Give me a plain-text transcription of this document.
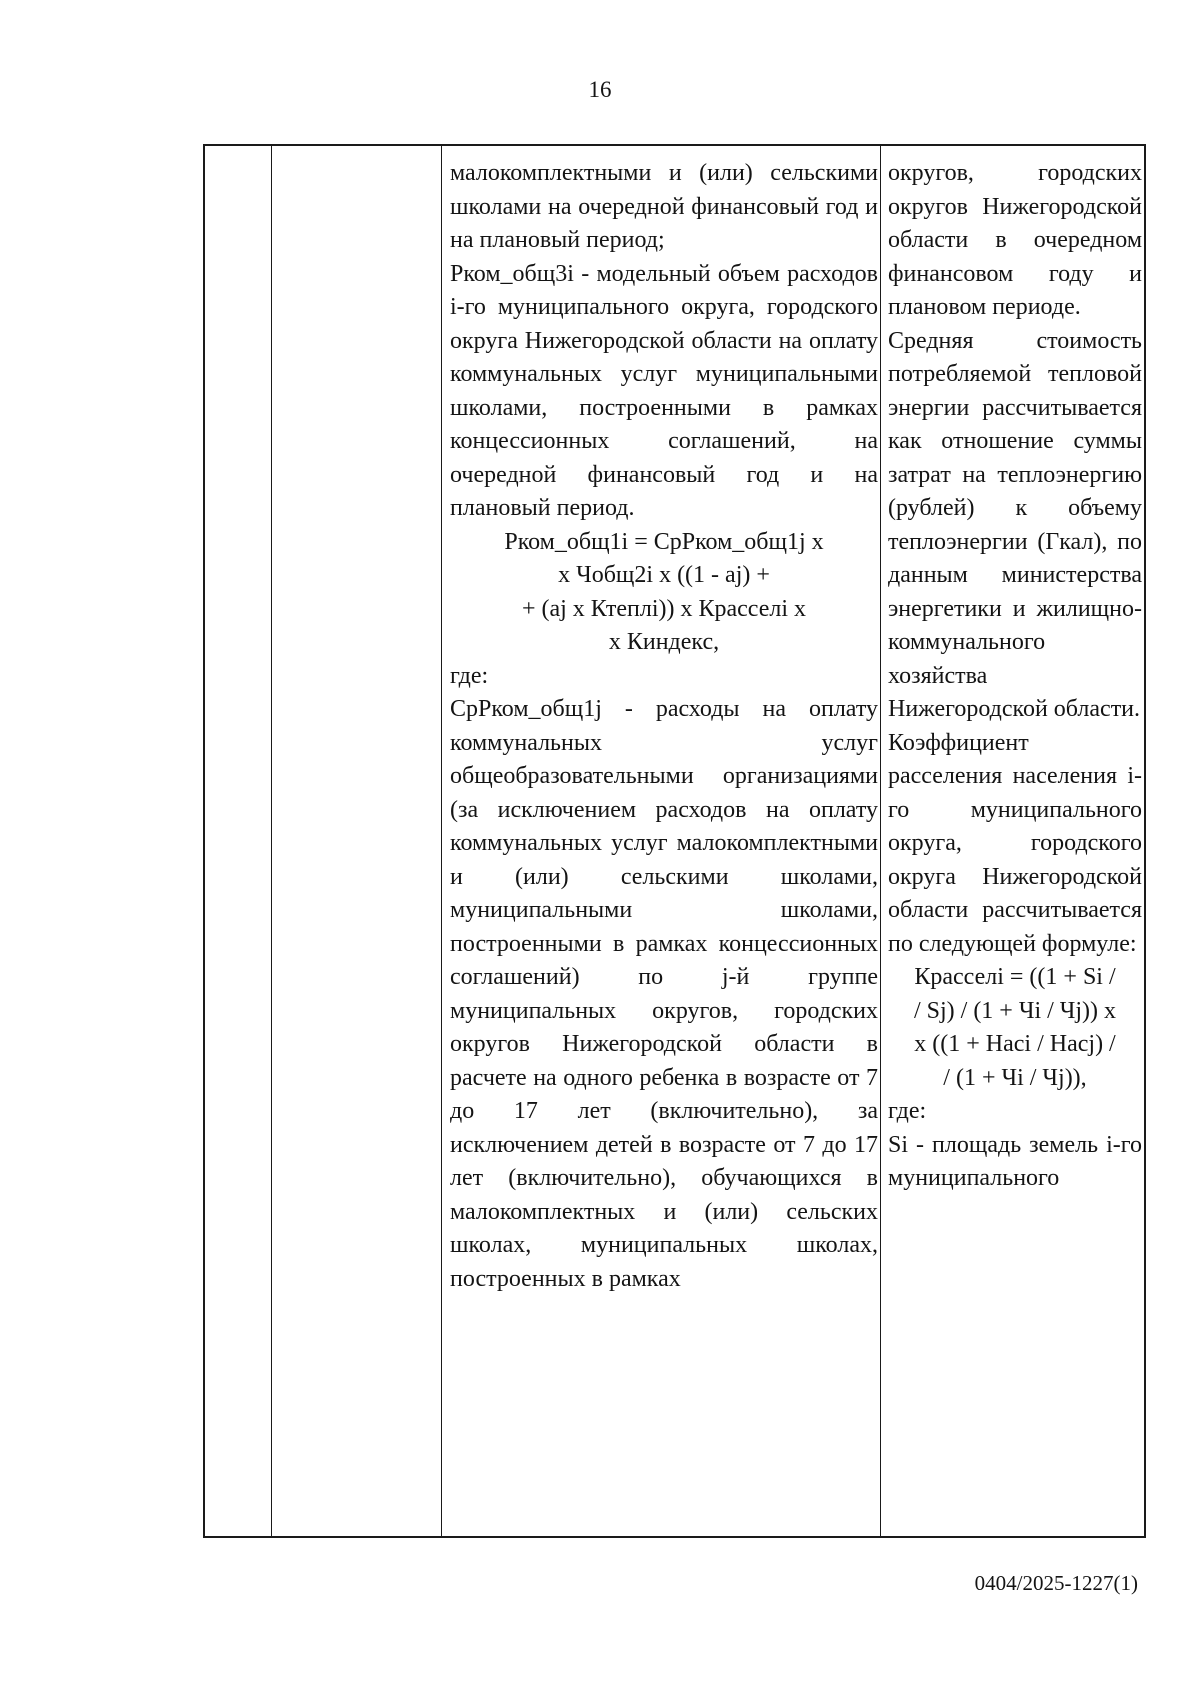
16

малокомплектными и (или) сельскими школами на очередной финансовый год и на плановый период;

Рком_общ3i - модельный объем расходов i-го муниципального округа, городского округа Нижегородской области на оплату коммунальных услуг муниципальными школами, построенными в рамках концессионных соглашений, на очередной финансовый год и на плановый период.

Рком_общ1i = СрРком_общ1j х

х Чобщ2i х ((1 - аj) +

+ (аj х Ктеплi)) х Красселi х

х Киндекс,

где:

СрРком_общ1j - расходы на оплату коммунальных услуг общеобразовательными организациями (за исключением расходов на оплату коммунальных услуг малокомплектными и (или) сельскими школами, муниципальными школами, построенными в рамках концессионных соглашений) по j-й группе муниципальных округов, городских округов Нижегородской области в расчете на одного ребенка в возрасте от 7 до 17 лет (включительно), за исключением детей в возрасте от 7 до 17 лет (включительно), обучающихся в малокомплектных и (или) сельских школах, муниципальных школах, построенных в рамках

округов, городских округов Нижегородской области в очередном финансовом году и плановом периоде.

Средняя стоимость потребляемой тепловой энергии рассчитывается как отношение суммы затрат на теплоэнергию (рублей) к объему теплоэнергии (Гкал), по данным министерства энергетики и жилищно-коммунального хозяйства Нижегородской области.

Коэффициент расселения населения i-го муниципального округа, городского округа Нижегородской области рассчитывается по следующей формуле:

Красселi = ((1 + Si /

/ Sj) / (1 + Чi / Чj)) х

х ((1 + Насi / Насj) /

/ (1 + Чi / Чj)),

где:

Si - площадь земель i-го муниципального

0404/2025-1227(1)
